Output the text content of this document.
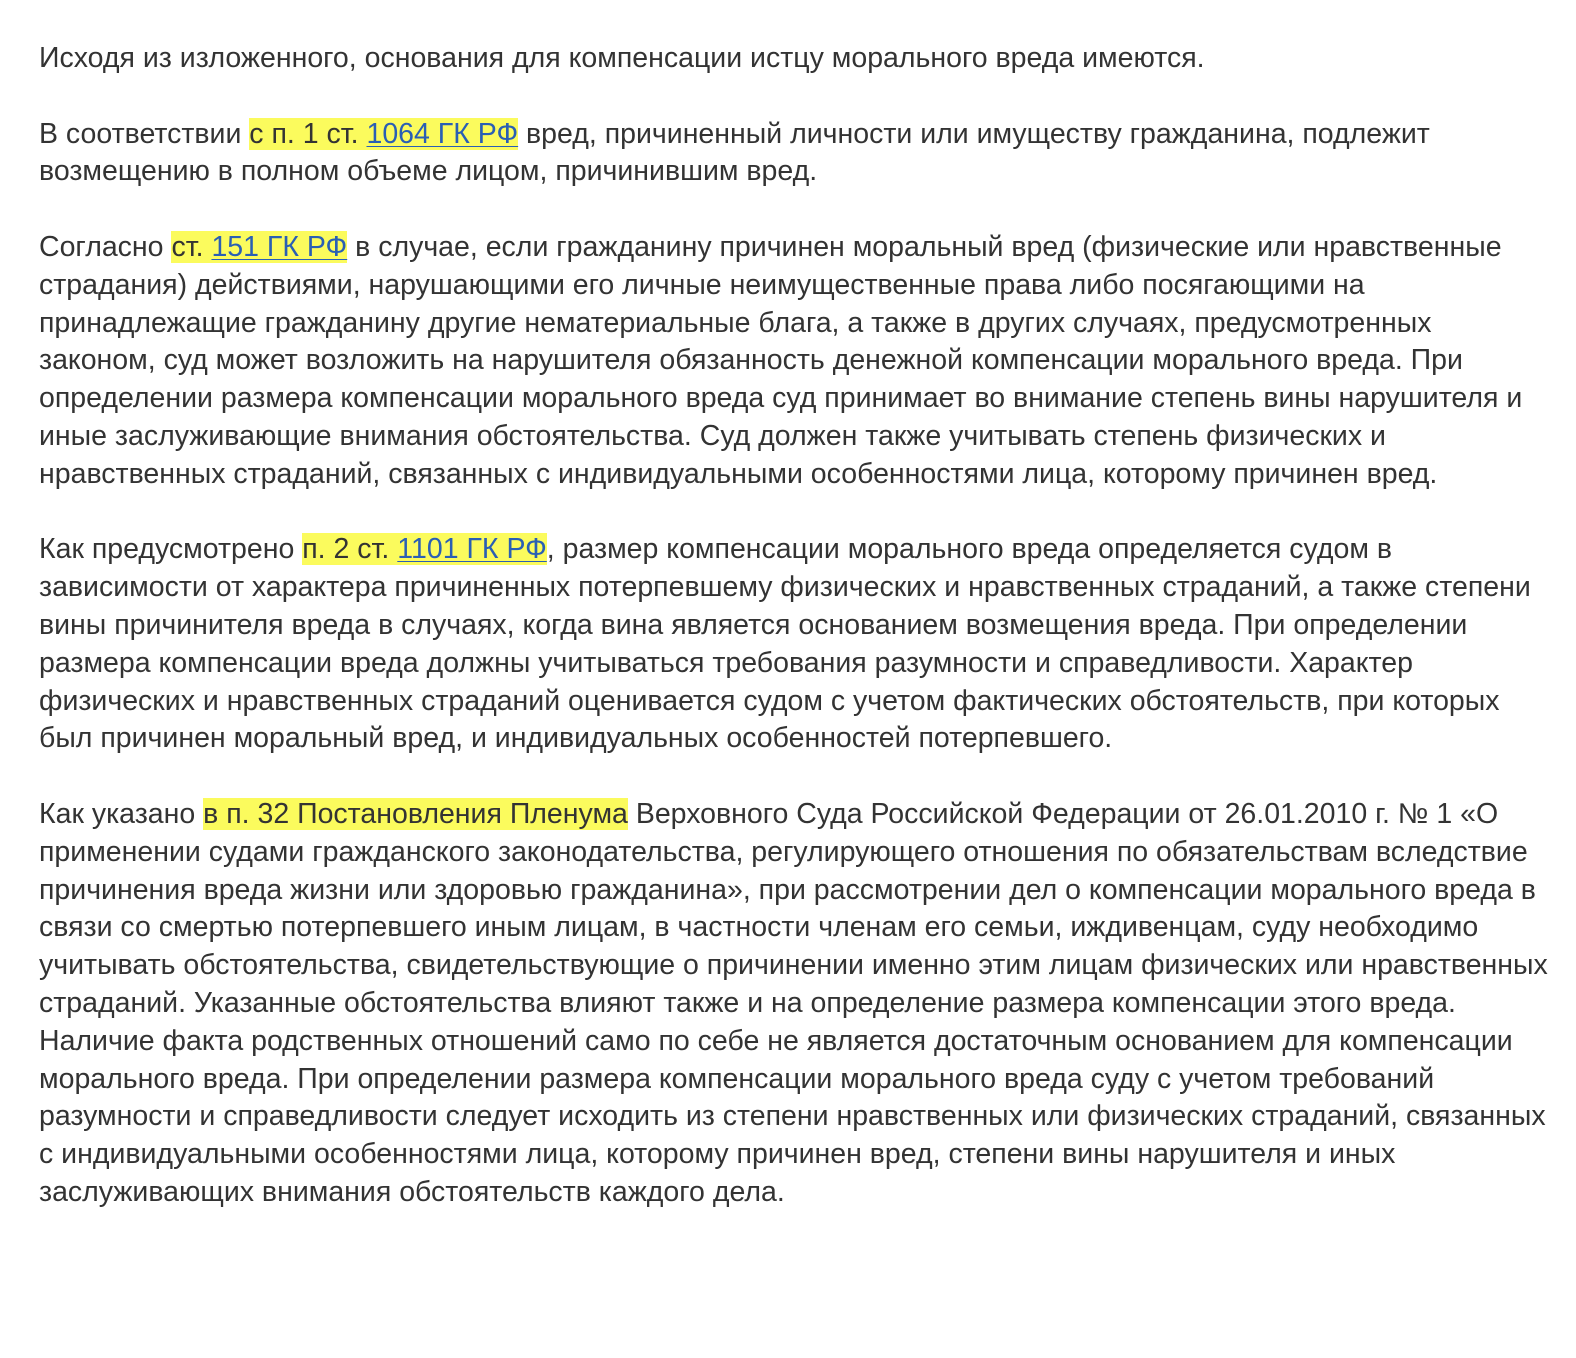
Исходя из изложенного, основания для компенсации истцу морального вреда имеются.

В соответствии с п. 1 ст. 1064 ГК РФ вред, причиненный личности или имуществу гражданина, подлежит возмещению в полном объеме лицом, причинившим вред.

Согласно ст. 151 ГК РФ в случае, если гражданину причинен моральный вред (физические или нравственные страдания) действиями, нарушающими его личные неимущественные права либо посягающими на принадлежащие гражданину другие нематериальные блага, а также в других случаях, предусмотренных законом, суд может возложить на нарушителя обязанность денежной компенсации морального вреда. При определении размера компенсации морального вреда суд принимает во внимание степень вины нарушителя и иные заслуживающие внимания обстоятельства. Суд должен также учитывать степень физических и нравственных страданий, связанных с индивидуальными особенностями лица, которому причинен вред.

Как предусмотрено п. 2 ст. 1101 ГК РФ, размер компенсации морального вреда определяется судом в зависимости от характера причиненных потерпевшему физических и нравственных страданий, а также степени вины причинителя вреда в случаях, когда вина является основанием возмещения вреда. При определении размера компенсации вреда должны учитываться требования разумности и справедливости. Характер физических и нравственных страданий оценивается судом с учетом фактических обстоятельств, при которых был причинен моральный вред, и индивидуальных особенностей потерпевшего.

Как указано в п. 32 Постановления Пленума Верховного Суда Российской Федерации от 26.01.2010 г. № 1 «О применении судами гражданского законодательства, регулирующего отношения по обязательствам вследствие причинения вреда жизни или здоровью гражданина», при рассмотрении дел о компенсации морального вреда в связи со смертью потерпевшего иным лицам, в частности членам его семьи, иждивенцам, суду необходимо учитывать обстоятельства, свидетельствующие о причинении именно этим лицам физических или нравственных страданий. Указанные обстоятельства влияют также и на определение размера компенсации этого вреда. Наличие факта родственных отношений само по себе не является достаточным основанием для компенсации морального вреда. При определении размера компенсации морального вреда суду с учетом требований разумности и справедливости следует исходить из степени нравственных или физических страданий, связанных с индивидуальными особенностями лица, которому причинен вред, степени вины нарушителя и иных заслуживающих внимания обстоятельств каждого дела.
